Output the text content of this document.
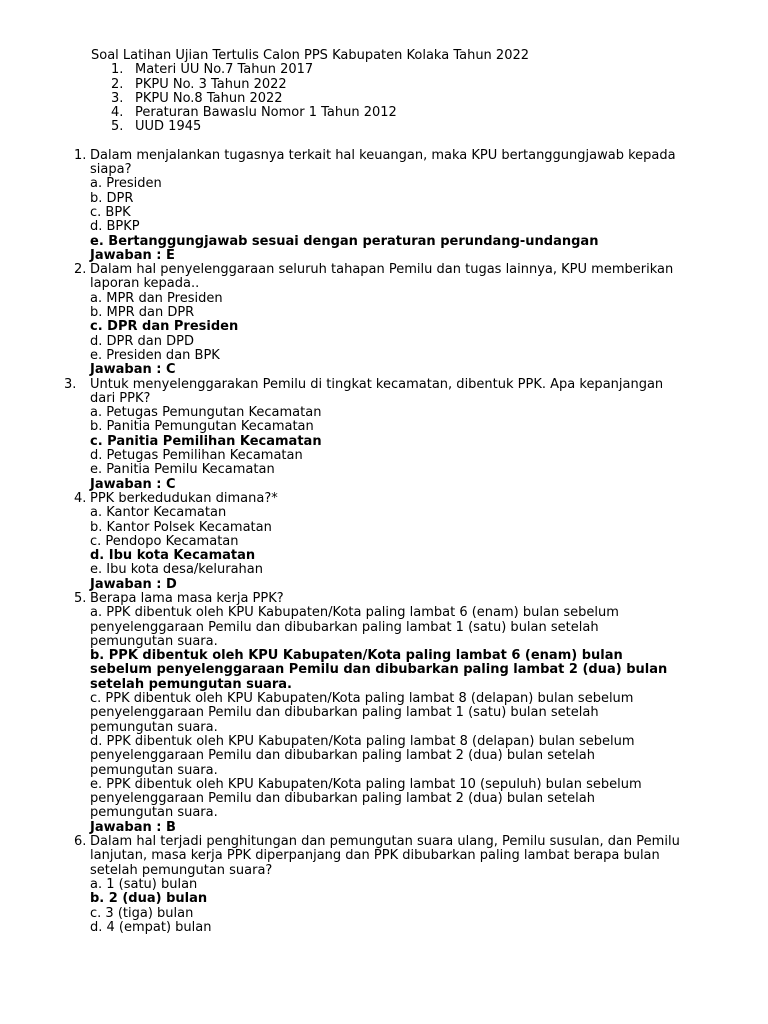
Soal Latihan Ujian Tertulis Calon PPS Kabupaten Kolaka Tahun 2022
1. Materi UU No.7 Tahun 2017
2. PKPU No. 3 Tahun 2022
3. PKPU No.8 Tahun 2022
4. Peraturan Bawaslu Nomor 1 Tahun 2012
5. UUD 1945
1. Dalam menjalankan tugasnya terkait hal keuangan, maka KPU bertanggungjawab kepada siapa?
a. Presiden
b. DPR
c. BPK
d. BPKP
e. Bertanggungjawab sesuai dengan peraturan perundang-undangan
Jawaban : E
2. Dalam hal penyelenggaraan seluruh tahapan Pemilu dan tugas lainnya, KPU memberikan laporan kepada..
a. MPR dan Presiden
b. MPR dan DPR
c. DPR dan Presiden
d. DPR dan DPD
e. Presiden dan BPK
Jawaban : C
3. Untuk menyelenggarakan Pemilu di tingkat kecamatan, dibentuk PPK. Apa kepanjangan dari PPK?
a. Petugas Pemungutan Kecamatan
b. Panitia Pemungutan Kecamatan
c. Panitia Pemilihan Kecamatan
d. Petugas Pemilihan Kecamatan
e. Panitia Pemilu Kecamatan
Jawaban : C
4. PPK berkedudukan dimana?*
a. Kantor Kecamatan
b. Kantor Polsek Kecamatan
c. Pendopo Kecamatan
d. Ibu kota Kecamatan
e. Ibu kota desa/kelurahan
Jawaban : D
5. Berapa lama masa kerja PPK?
a. PPK dibentuk oleh KPU Kabupaten/Kota paling lambat 6 (enam) bulan sebelum penyelenggaraan Pemilu dan dibubarkan paling lambat 1 (satu) bulan setelah pemungutan suara.
b. PPK dibentuk oleh KPU Kabupaten/Kota paling lambat 6 (enam) bulan sebelum penyelenggaraan Pemilu dan dibubarkan paling lambat 2 (dua) bulan setelah pemungutan suara.
c. PPK dibentuk oleh KPU Kabupaten/Kota paling lambat 8 (delapan) bulan sebelum penyelenggaraan Pemilu dan dibubarkan paling lambat 1 (satu) bulan setelah pemungutan suara.
d. PPK dibentuk oleh KPU Kabupaten/Kota paling lambat 8 (delapan) bulan sebelum penyelenggaraan Pemilu dan dibubarkan paling lambat 2 (dua) bulan setelah pemungutan suara.
e. PPK dibentuk oleh KPU Kabupaten/Kota paling lambat 10 (sepuluh) bulan sebelum penyelenggaraan Pemilu dan dibubarkan paling lambat 2 (dua) bulan setelah pemungutan suara.
Jawaban : B
6. Dalam hal terjadi penghitungan dan pemungutan suara ulang, Pemilu susulan, dan Pemilu lanjutan, masa kerja PPK diperpanjang dan PPK dibubarkan paling lambat berapa bulan setelah pemungutan suara?
a. 1 (satu) bulan
b. 2 (dua) bulan
c. 3 (tiga) bulan
d. 4 (empat) bulan
